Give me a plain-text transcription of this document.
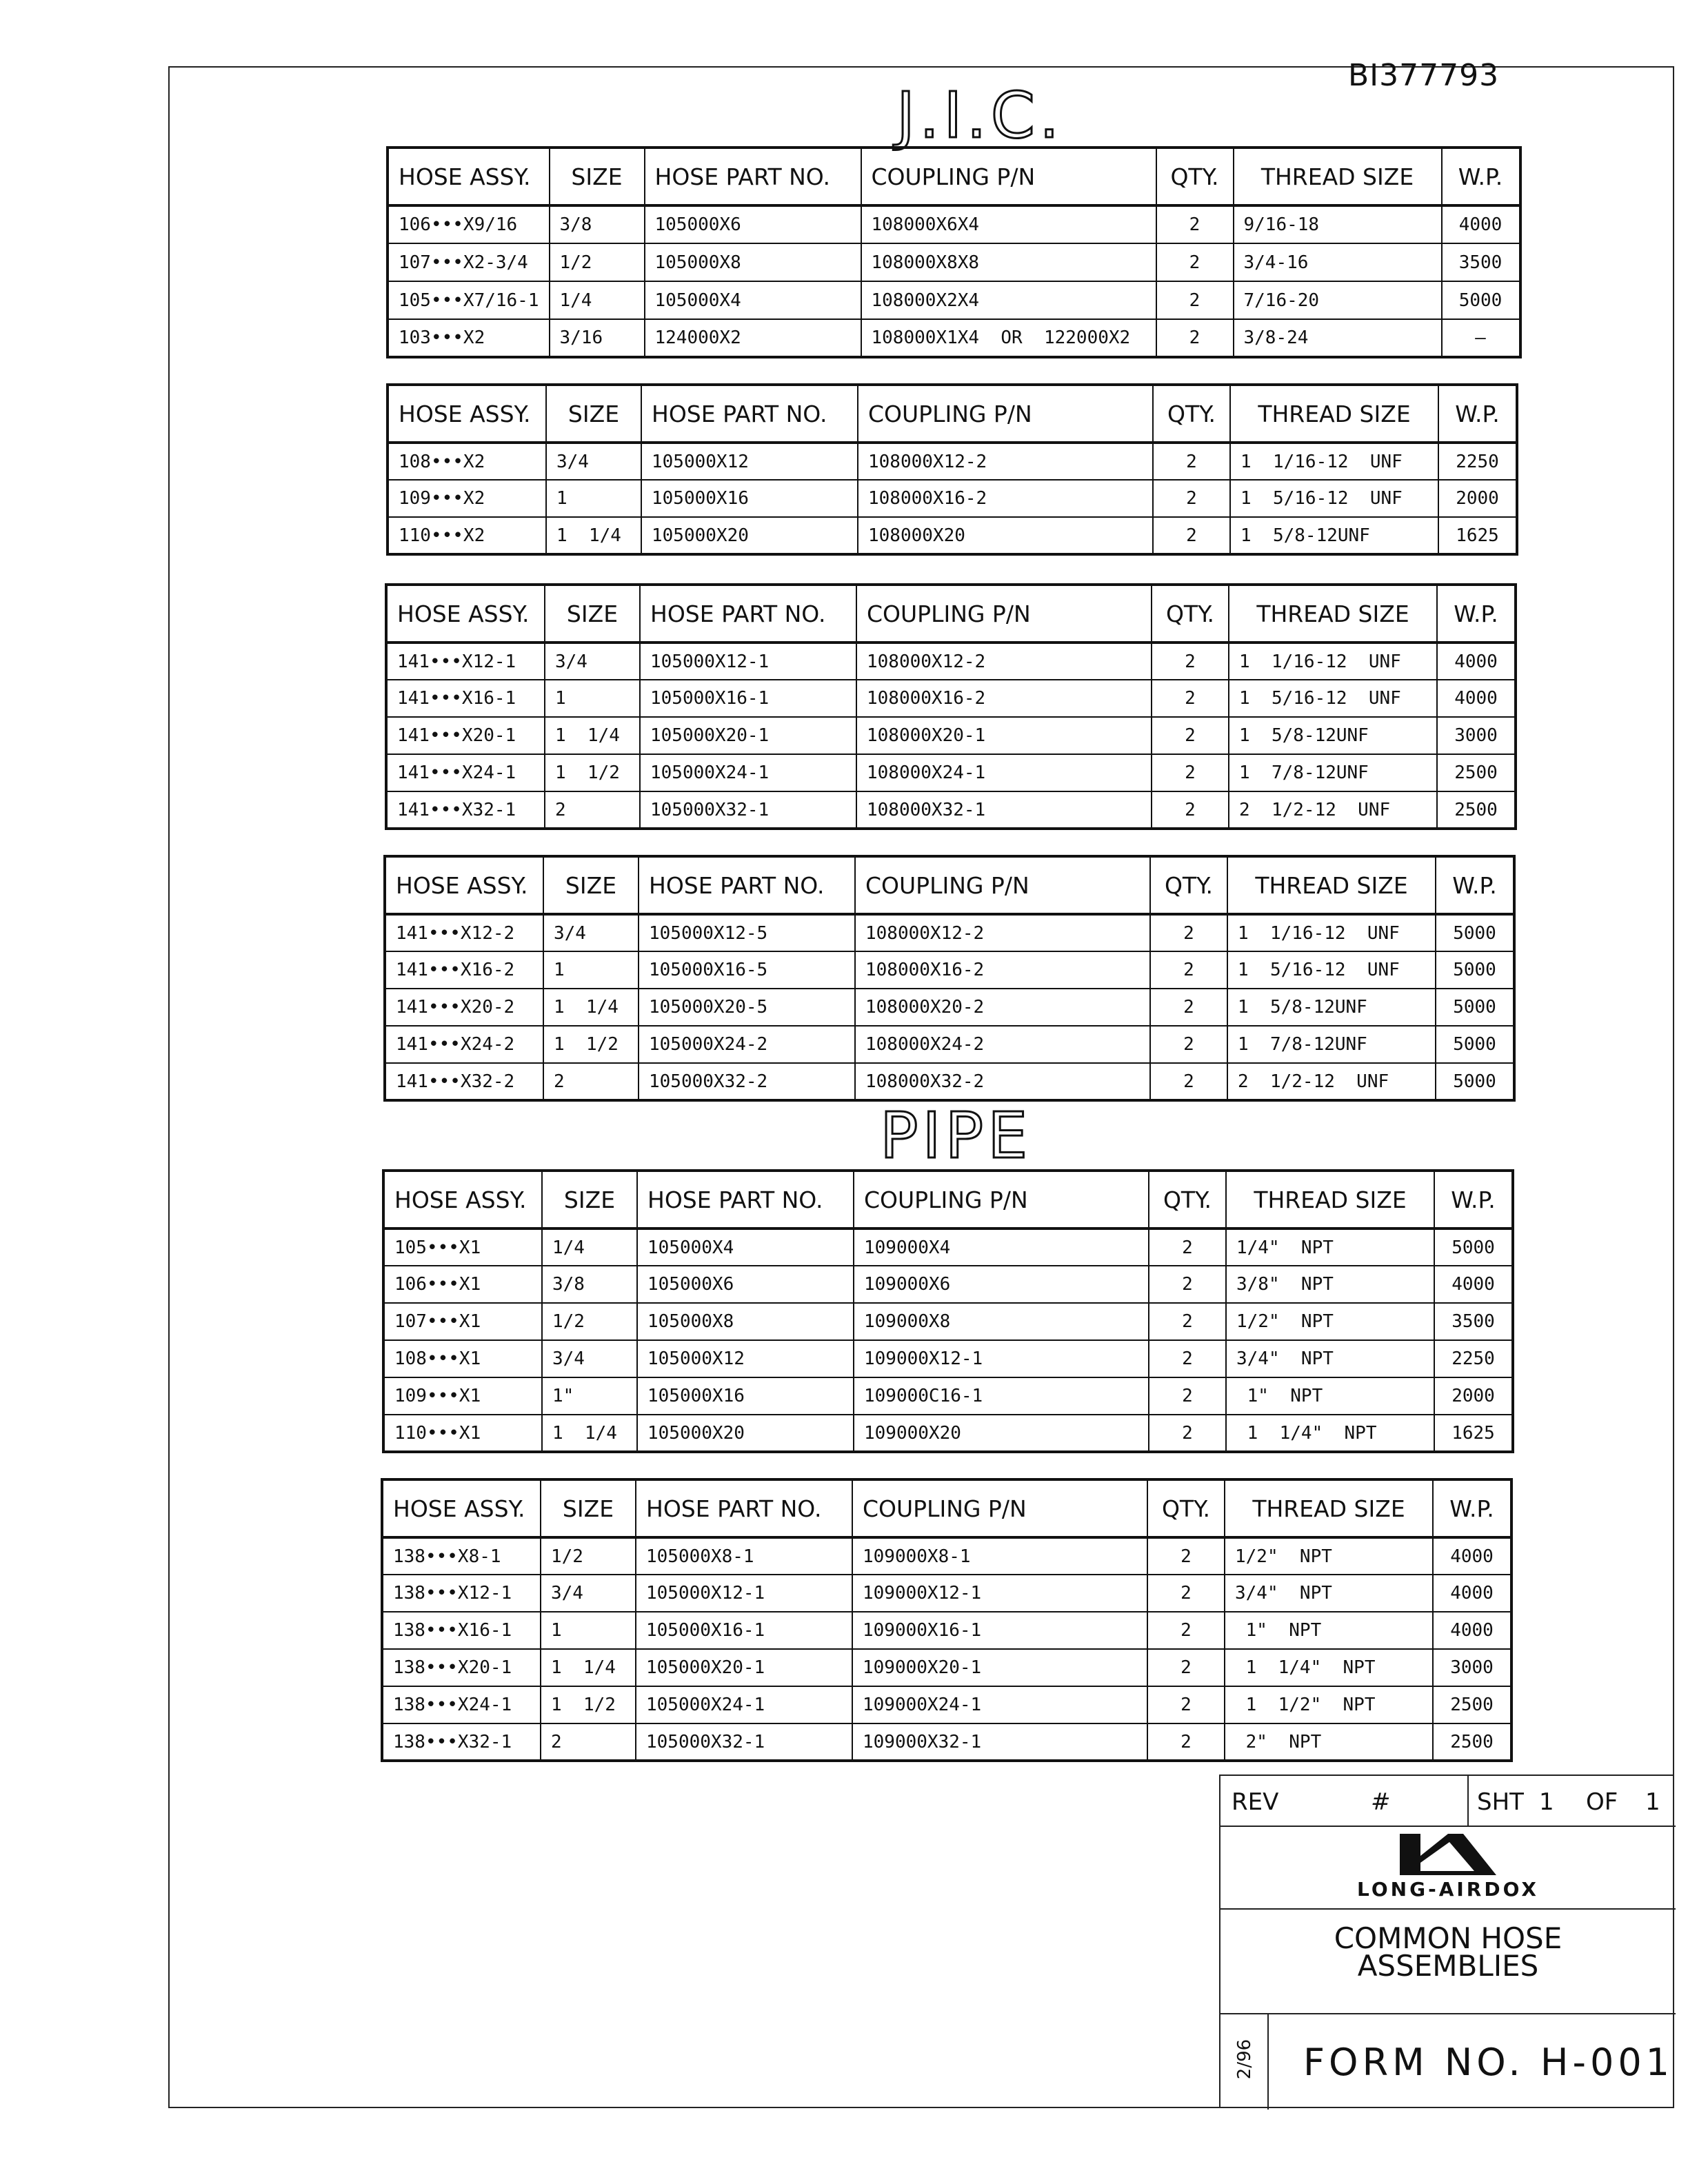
BI377793
J.I.C.
PIPE
HOSE ASSY.	SIZE	HOSE PART NO.	COUPLING P/N	QTY.	THREAD SIZE	W.P.
106•••X9/16	3/8	105000X6	108000X6X4	2	9/16-18	4000
107•••X2-3/4	1/2	105000X8	108000X8X8	2	3/4-16	3500
105•••X7/16-1	1/4	105000X4	108000X2X4	2	7/16-20	5000
103•••X2	3/16	124000X2	108000X1X4  OR  122000X2	2	3/8-24	–
HOSE ASSY.	SIZE	HOSE PART NO.	COUPLING P/N	QTY.	THREAD SIZE	W.P.
108•••X2	3/4	105000X12	108000X12-2	2	1  1/16-12  UNF	2250
109•••X2	1	105000X16	108000X16-2	2	1  5/16-12  UNF	2000
110•••X2	1  1/4	105000X20	108000X20	2	1  5/8-12UNF	1625
HOSE ASSY.	SIZE	HOSE PART NO.	COUPLING P/N	QTY.	THREAD SIZE	W.P.
141•••X12-1	3/4	105000X12-1	108000X12-2	2	1  1/16-12  UNF	4000
141•••X16-1	1	105000X16-1	108000X16-2	2	1  5/16-12  UNF	4000
141•••X20-1	1  1/4	105000X20-1	108000X20-1	2	1  5/8-12UNF	3000
141•••X24-1	1  1/2	105000X24-1	108000X24-1	2	1  7/8-12UNF	2500
141•••X32-1	2	105000X32-1	108000X32-1	2	2  1/2-12  UNF	2500
HOSE ASSY.	SIZE	HOSE PART NO.	COUPLING P/N	QTY.	THREAD SIZE	W.P.
141•••X12-2	3/4	105000X12-5	108000X12-2	2	1  1/16-12  UNF	5000
141•••X16-2	1	105000X16-5	108000X16-2	2	1  5/16-12  UNF	5000
141•••X20-2	1  1/4	105000X20-5	108000X20-2	2	1  5/8-12UNF	5000
141•••X24-2	1  1/2	105000X24-2	108000X24-2	2	1  7/8-12UNF	5000
141•••X32-2	2	105000X32-2	108000X32-2	2	2  1/2-12  UNF	5000
HOSE ASSY.	SIZE	HOSE PART NO.	COUPLING P/N	QTY.	THREAD SIZE	W.P.
105•••X1	1/4	105000X4	109000X4	2	1/4"  NPT	5000
106•••X1	3/8	105000X6	109000X6	2	3/8"  NPT	4000
107•••X1	1/2	105000X8	109000X8	2	1/2"  NPT	3500
108•••X1	3/4	105000X12	109000X12-1	2	3/4"  NPT	2250
109•••X1	1"	105000X16	109000C16-1	2	1"  NPT	2000
110•••X1	1  1/4	105000X20	109000X20	2	1  1/4"  NPT	1625
HOSE ASSY.	SIZE	HOSE PART NO.	COUPLING P/N	QTY.	THREAD SIZE	W.P.
138•••X8-1	1/2	105000X8-1	109000X8-1	2	1/2"  NPT	4000
138•••X12-1	3/4	105000X12-1	109000X12-1	2	3/4"  NPT	4000
138•••X16-1	1	105000X16-1	109000X16-1	2	1"  NPT	4000
138•••X20-1	1  1/4	105000X20-1	109000X20-1	2	1  1/4"  NPT	3000
138•••X24-1	1  1/2	105000X24-1	109000X24-1	2	1  1/2"  NPT	2500
138•••X32-1	2	105000X32-1	109000X32-1	2	2"  NPT	2500
REV	#	SHT 1 OF 1
LONG-AIRDOX
COMMON HOSE
ASSEMBLIES
2/96 FORM NO. H-001
